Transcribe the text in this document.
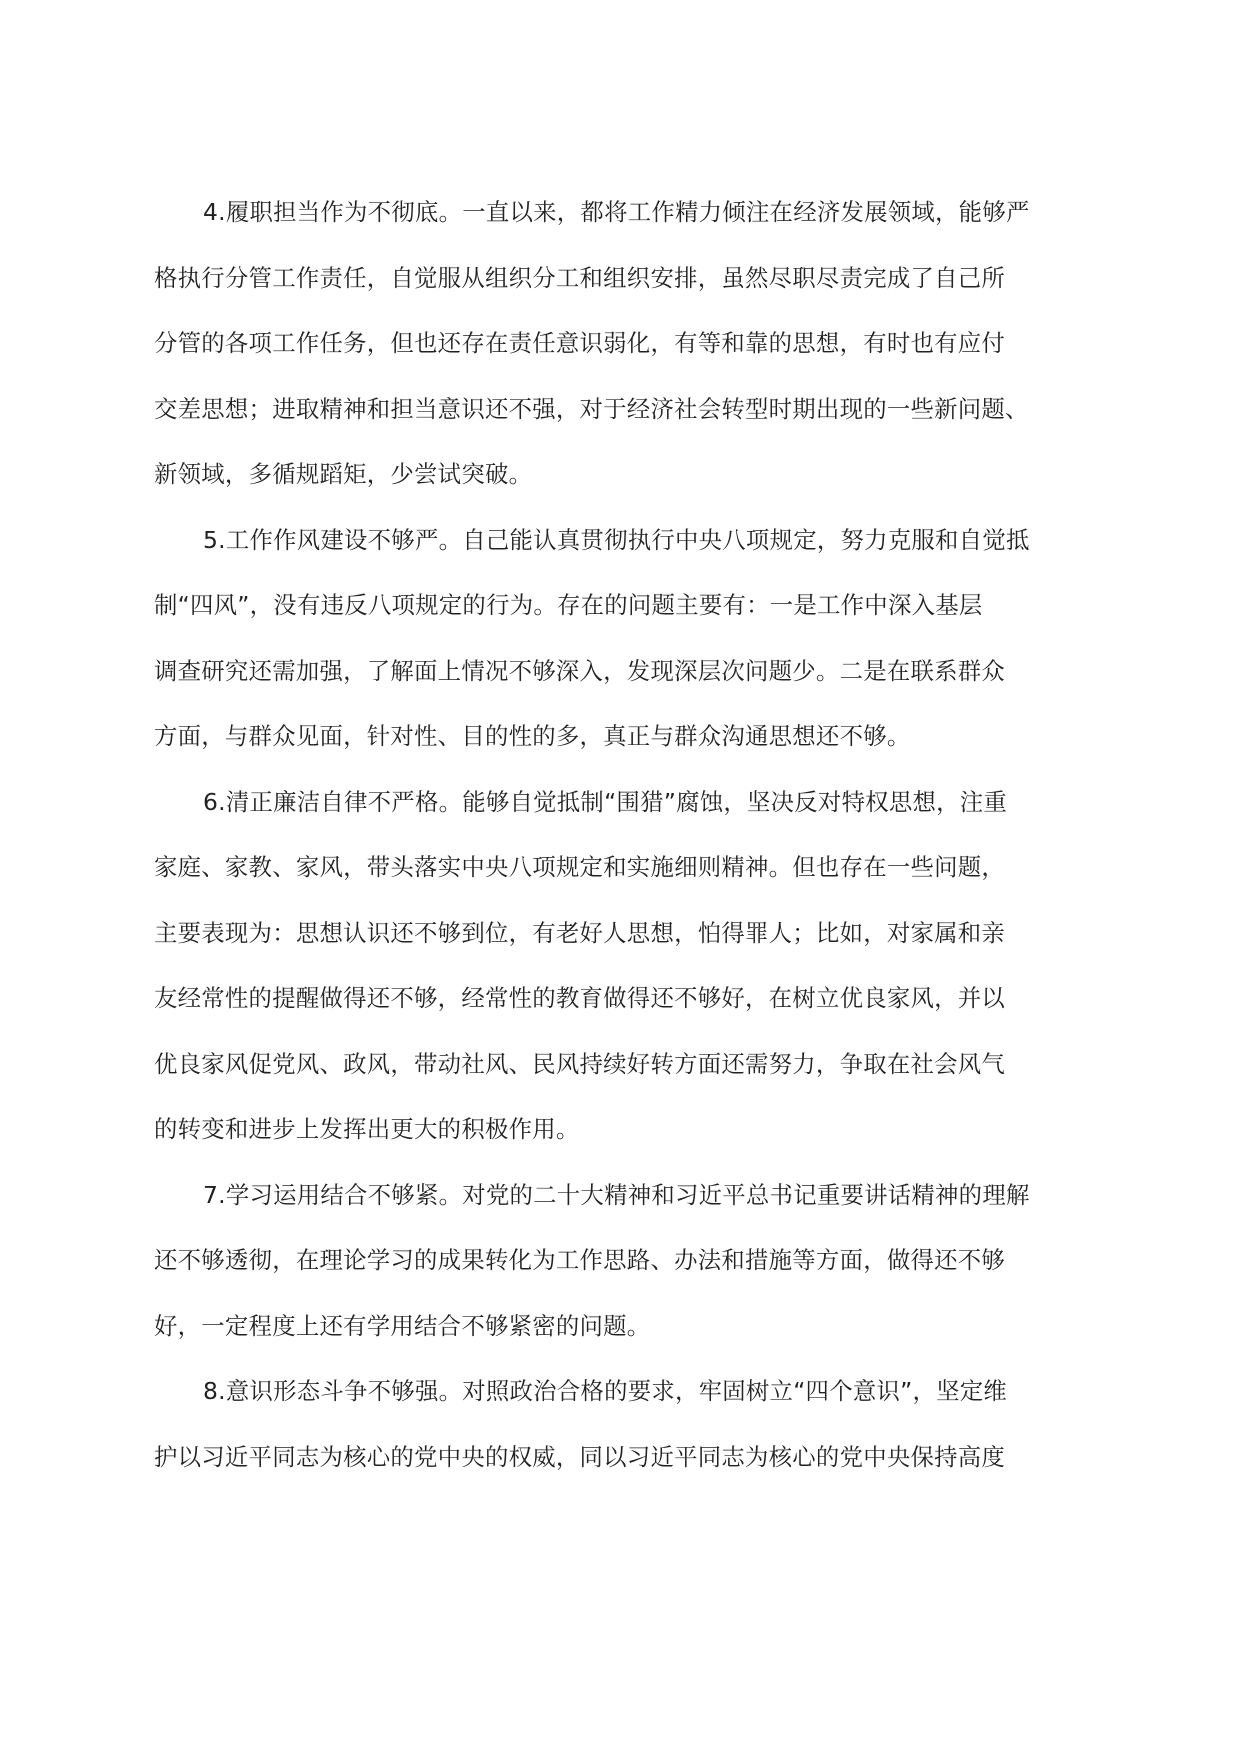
4.履职担当作为不彻底。一直以来，都将工作精力倾注在经济发展领域，能够严
格执行分管工作责任，自觉服从组织分工和组织安排，虽然尽职尽责完成了自己所
分管的各项工作任务，但也还存在责任意识弱化，有等和靠的思想，有时也有应付
交差思想；进取精神和担当意识还不强，对于经济社会转型时期出现的一些新问题、
新领域，多循规蹈矩，少尝试突破。
5.工作作风建设不够严。自己能认真贯彻执行中央八项规定，努力克服和自觉抵
制“四风”，没有违反八项规定的行为。存在的问题主要有：一是工作中深入基层
调查研究还需加强，了解面上情况不够深入，发现深层次问题少。二是在联系群众
方面，与群众见面，针对性、目的性的多，真正与群众沟通思想还不够。
6.清正廉洁自律不严格。能够自觉抵制“围猎”腐蚀，坚决反对特权思想，注重
家庭、家教、家风，带头落实中央八项规定和实施细则精神。但也存在一些问题，
主要表现为：思想认识还不够到位，有老好人思想，怕得罪人；比如，对家属和亲
友经常性的提醒做得还不够，经常性的教育做得还不够好，在树立优良家风，并以
优良家风促党风、政风，带动社风、民风持续好转方面还需努力，争取在社会风气
的转变和进步上发挥出更大的积极作用。
7.学习运用结合不够紧。对党的二十大精神和习近平总书记重要讲话精神的理解
还不够透彻，在理论学习的成果转化为工作思路、办法和措施等方面，做得还不够
好，一定程度上还有学用结合不够紧密的问题。
8.意识形态斗争不够强。对照政治合格的要求，牢固树立“四个意识”，坚定维
护以习近平同志为核心的党中央的权威，同以习近平同志为核心的党中央保持高度
